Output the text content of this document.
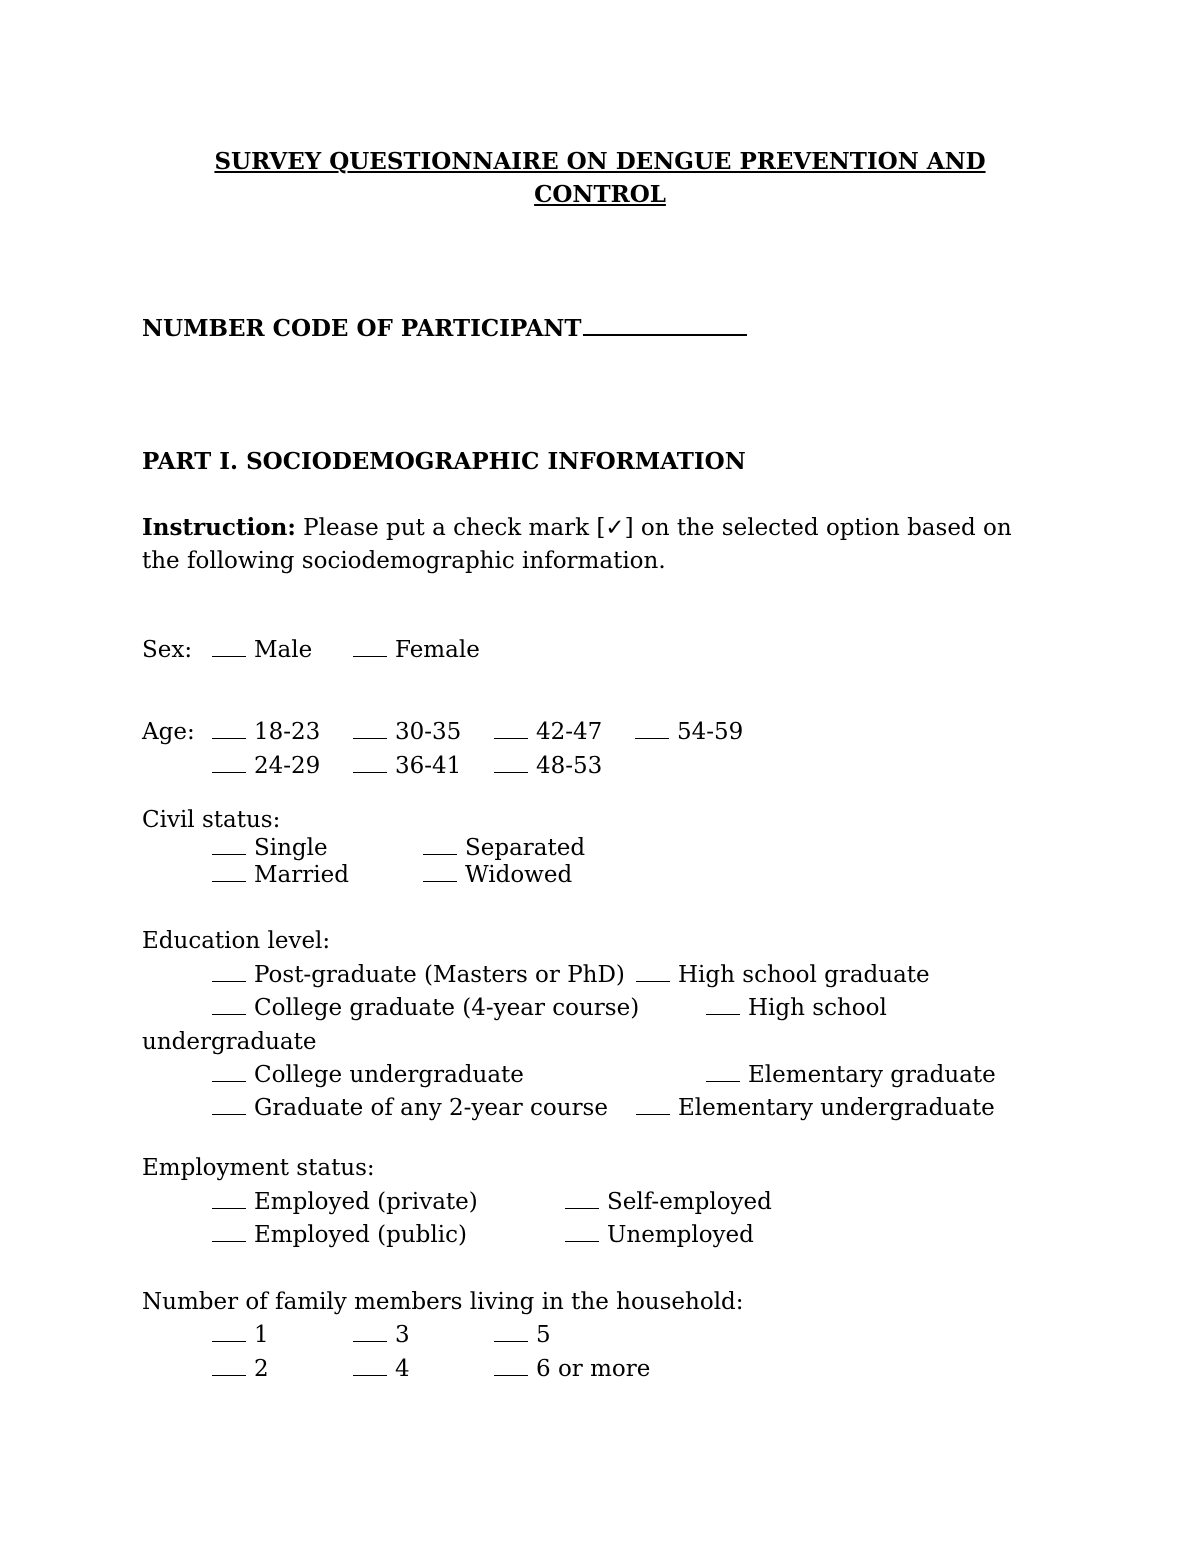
SURVEY QUESTIONNAIRE ON DENGUE PREVENTION AND
CONTROL
NUMBER CODE OF PARTICIPANT
PART I. SOCIODEMOGRAPHIC INFORMATION
Instruction: Please put a check mark [✓] on the selected option based on
the following sociodemographic information.
Sex:	Male	Female
Age:	18-23	30-35	42-47	54-59
24-29	36-41	48-53
Civil status:
Single	Separated
Married	Widowed
Education level:
Post-graduate (Masters or PhD)	High school graduate
College graduate (4-year course)	High school
undergraduate
College undergraduate	Elementary graduate
Graduate of any 2-year course	Elementary undergraduate
Employment status:
Employed (private)	Self-employed
Employed (public)	Unemployed
Number of family members living in the household:
1	3	5
2	4	6 or more
